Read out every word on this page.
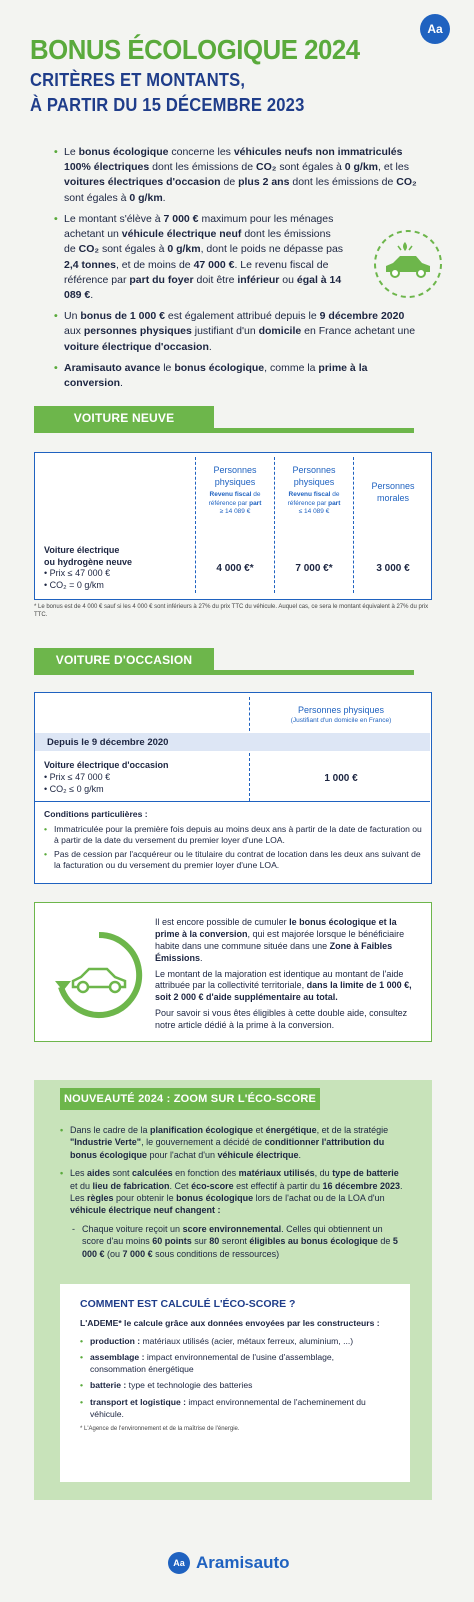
BONUS ÉCOLOGIQUE 2024
CRITÈRES ET MONTANTS,
À PARTIR DU 15 DÉCEMBRE 2023
Aa
• Le bonus écologique concerne les véhicules neufs non immatriculés 100% électriques dont les émissions de CO₂ sont égales à 0 g/km, et les voitures électriques d'occasion de plus 2 ans dont les émissions de CO₂ sont égales à 0 g/km.
• Le montant s'élève à 7 000 € maximum pour les ménages achetant un véhicule électrique neuf dont les émissions de CO₂ sont égales à 0 g/km, dont le poids ne dépasse pas 2,4 tonnes, et de moins de 47 000 €. Le revenu fiscal de référence par part du foyer doit être inférieur ou égal à 14 089 €.
• Un bonus de 1 000 € est également attribué depuis le 9 décembre 2020 aux personnes physiques justifiant d'un domicile en France achetant une voiture électrique d'occasion.
• Aramisauto avance le bonus écologique, comme la prime à la conversion.
VOITURE NEUVE
Personnes physiques
Revenu fiscal de référence par part
≥ 14 089 €
Personnes physiques
Revenu fiscal de référence par part
≤ 14 089 €
Personnes morales
Voiture électrique
ou hydrogène neuve
• Prix ≤ 47 000 €
• CO₂ = 0 g/km
4 000 €*	7 000 €*	3 000 €
* Le bonus est de 4 000 € sauf si les 4 000 € sont inférieurs à 27% du prix TTC du véhicule. Auquel cas, ce sera le montant équivalent à 27% du prix TTC.
VOITURE D'OCCASION
Personnes physiques
(Justifiant d'un domicile en France)
Depuis le 9 décembre 2020
Voiture électrique d'occasion
• Prix ≤ 47 000 €
• CO₂ ≤ 0 g/km
1 000 €
Conditions particulières :
• Immatriculée pour la première fois depuis au moins deux ans à partir de la date de facturation ou à partir de la date du versement du premier loyer d'une LOA.
• Pas de cession par l'acquéreur ou le titulaire du contrat de location dans les deux ans suivant de la facturation ou du versement du premier loyer d'une LOA.

Il est encore possible de cumuler le bonus écologique et la prime à la conversion, qui est majorée lorsque le bénéficiaire habite dans une commune située dans une Zone à Faibles Émissions.

Le montant de la majoration est identique au montant de l'aide attribuée par la collectivité territoriale, dans la limite de 1 000 €, soit 2 000 € d'aide supplémentaire au total.

Pour savoir si vous êtes éligibles à cette double aide, consultez notre article dédié à la prime à la conversion.

NOUVEAUTÉ 2024 : ZOOM SUR L'ÉCO-SCORE
• Dans le cadre de la planification écologique et énergétique, et de la stratégie "Industrie Verte", le gouvernement a décidé de conditionner l'attribution du bonus écologique pour l'achat d'un véhicule électrique.
• Les aides sont calculées en fonction des matériaux utilisés, du type de batterie et du lieu de fabrication. Cet éco-score est effectif à partir du 16 décembre 2023. Les règles pour obtenir le bonus écologique lors de l'achat ou de la LOA d'un véhicule électrique neuf changent :
- Chaque voiture reçoit un score environnemental. Celles qui obtiennent un score d'au moins 60 points sur 80 seront éligibles au bonus écologique de 5 000 € (ou 7 000 € sous conditions de ressources)
COMMENT EST CALCULÉ L'ÉCO-SCORE ?

L'ADEME* le calcule grâce aux données envoyées par les constructeurs :

• production : matériaux utilisés (acier, métaux ferreux, aluminium, ...)
• assemblage : impact environnemental de l'usine d'assemblage, consommation énergétique
• batterie : type et technologie des batteries
• transport et logistique : impact environnemental de l'acheminement du véhicule.

* L'Agence de l'environnement et de la maîtrise de l'énergie.

Aa Aramisauto
